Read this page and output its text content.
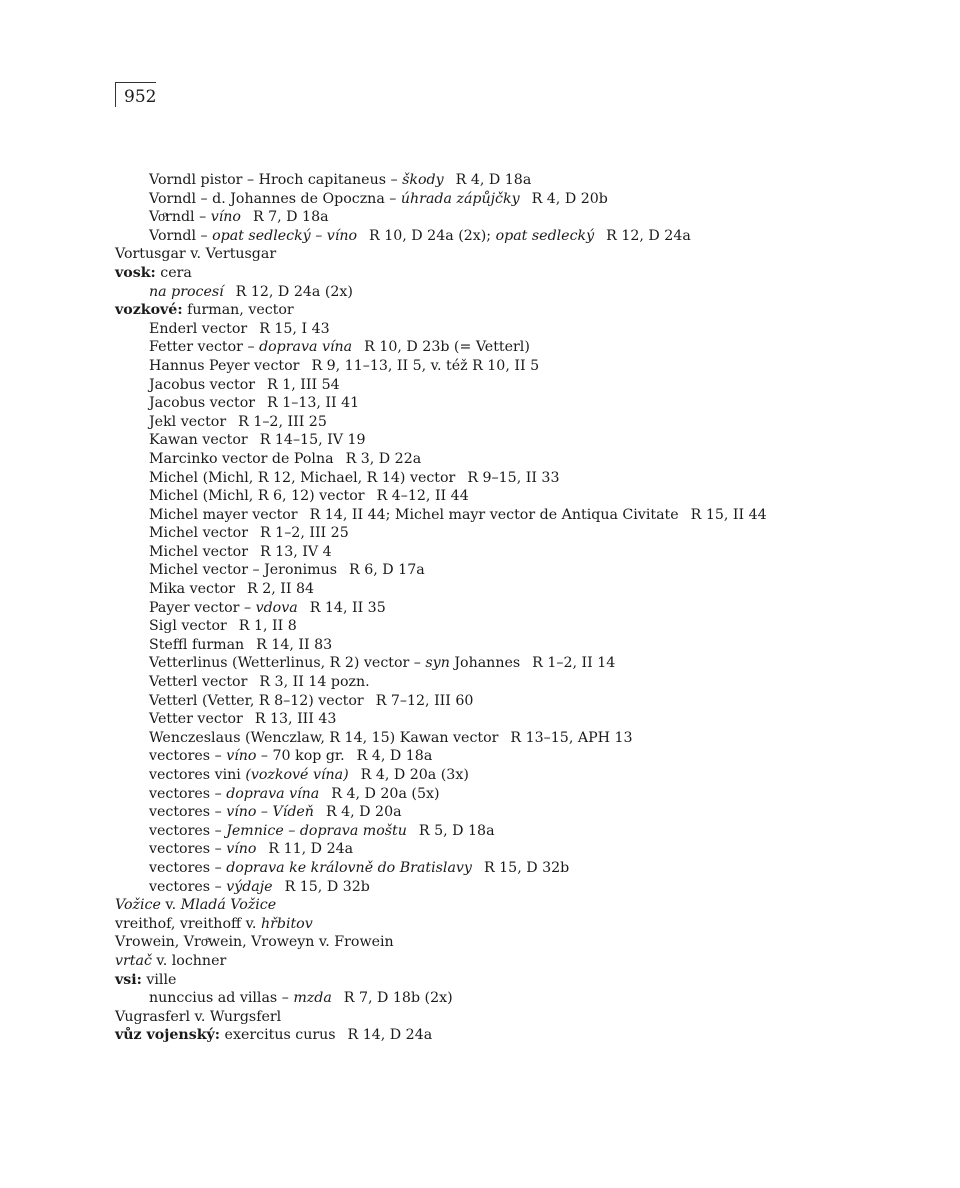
952
Vorndl pistor – Hroch capitaneus – škody R 4, D 18a
Vorndl – d. Johannes de Opoczna – úhrada zápůjčky R 4, D 20b
Voͦrndl – víno R 7, D 18a
Vorndl – opat sedlecký – víno R 10, D 24a (2x); opat sedlecký R 12, D 24a
Vortusgar v. Vertusgar
vosk: cera
na procesí R 12, D 24a (2x)
vozkové: furman, vector
Enderl vector R 15, I 43
Fetter vector – doprava vína R 10, D 23b (= Vetterl)
Hannus Peyer vector R 9, 11–13, II 5, v. též R 10, II 5
Jacobus vector R 1, III 54
Jacobus vector R 1–13, II 41
Jekl vector R 1–2, III 25
Kawan vector R 14–15, IV 19
Marcinko vector de Polna R 3, D 22a
Michel (Michl, R 12, Michael, R 14) vector R 9–15, II 33
Michel (Michl, R 6, 12) vector R 4–12, II 44
Michel mayer vector R 14, II 44; Michel mayr vector de Antiqua Civitate R 15, II 44
Michel vector R 1–2, III 25
Michel vector R 13, IV 4
Michel vector – Jeronimus R 6, D 17a
Mika vector R 2, II 84
Payer vector – vdova R 14, II 35
Sigl vector R 1, II 8
Steffl furman R 14, II 83
Vetterlinus (Wetterlinus, R 2) vector – syn Johannes R 1–2, II 14
Vetterl vector R 3, II 14 pozn.
Vetterl (Vetter, R 8–12) vector R 7–12, III 60
Vetter vector R 13, III 43
Wenczeslaus (Wenczlaw, R 14, 15) Kawan vector R 13–15, APH 13
vectores – víno – 70 kop gr. R 4, D 18a
vectores vini (vozkové vína) R 4, D 20a (3x)
vectores – doprava vína R 4, D 20a (5x)
vectores – víno – Vídeň R 4, D 20a
vectores – Jemnice – doprava moštu R 5, D 18a
vectores – víno R 11, D 24a
vectores – doprava ke královně do Bratislavy R 15, D 32b
vectores – výdaje R 15, D 32b
Vožice v. Mladá Vožice
vreithof, vreithoff v. hřbitov
Vrowein, Vroͤwein, Vroweyn v. Frowein
vrtač v. lochner
vsi: ville
nunccius ad villas – mzda R 7, D 18b (2x)
Vugrasferl v. Wurgsferl
vůz vojenský: exercitus curus R 14, D 24a
